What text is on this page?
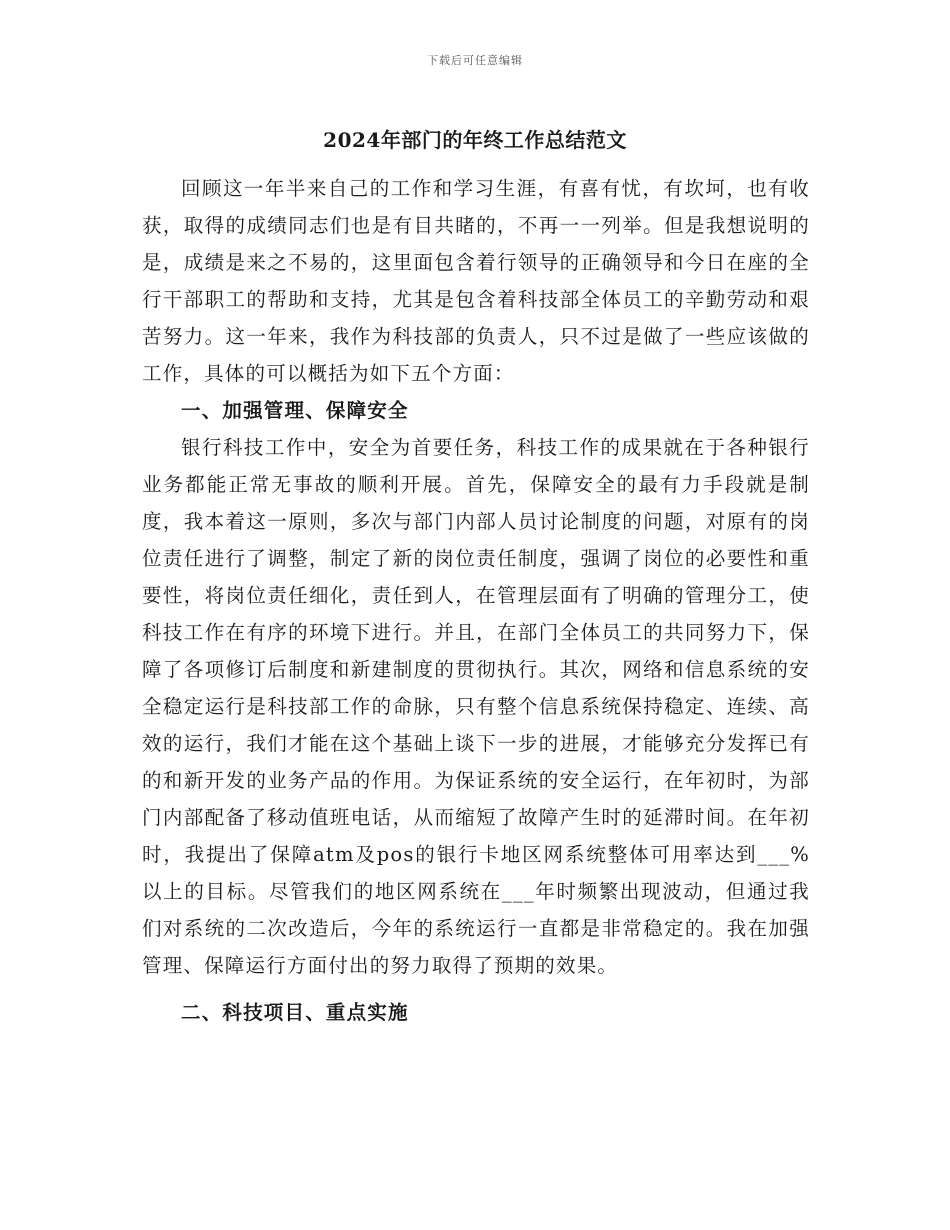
下载后可任意编辑
2024年部门的年终工作总结范文

回顾这一年半来自己的工作和学习生涯，有喜有忧，有坎坷，也有收获，取得的成绩同志们也是有目共睹的，不再一一列举。但是我想说明的是，成绩是来之不易的，这里面包含着行领导的正确领导和今日在座的全行干部职工的帮助和支持，尤其是包含着科技部全体员工的辛勤劳动和艰苦努力。这一年来，我作为科技部的负责人，只不过是做了一些应该做的工作，具体的可以概括为如下五个方面：

一、加强管理、保障安全

银行科技工作中，安全为首要任务，科技工作的成果就在于各种银行业务都能正常无事故的顺利开展。首先，保障安全的最有力手段就是制度，我本着这一原则，多次与部门内部人员讨论制度的问题，对原有的岗位责任进行了调整，制定了新的岗位责任制度，强调了岗位的必要性和重要性，将岗位责任细化，责任到人，在管理层面有了明确的管理分工，使科技工作在有序的环境下进行。并且，在部门全体员工的共同努力下，保障了各项修订后制度和新建制度的贯彻执行。其次，网络和信息系统的安全稳定运行是科技部工作的命脉，只有整个信息系统保持稳定、连续、高效的运行，我们才能在这个基础上谈下一步的进展，才能够充分发挥已有的和新开发的业务产品的作用。为保证系统的安全运行，在年初时，为部门内部配备了移动值班电话，从而缩短了故障产生时的延滞时间。在年初时，我提出了保障atm及pos的银行卡地区网系统整体可用率达到___%以上的目标。尽管我们的地区网系统在___年时频繁出现波动，但通过我们对系统的二次改造后，今年的系统运行一直都是非常稳定的。我在加强管理、保障运行方面付出的努力取得了预期的效果。

二、科技项目、重点实施
